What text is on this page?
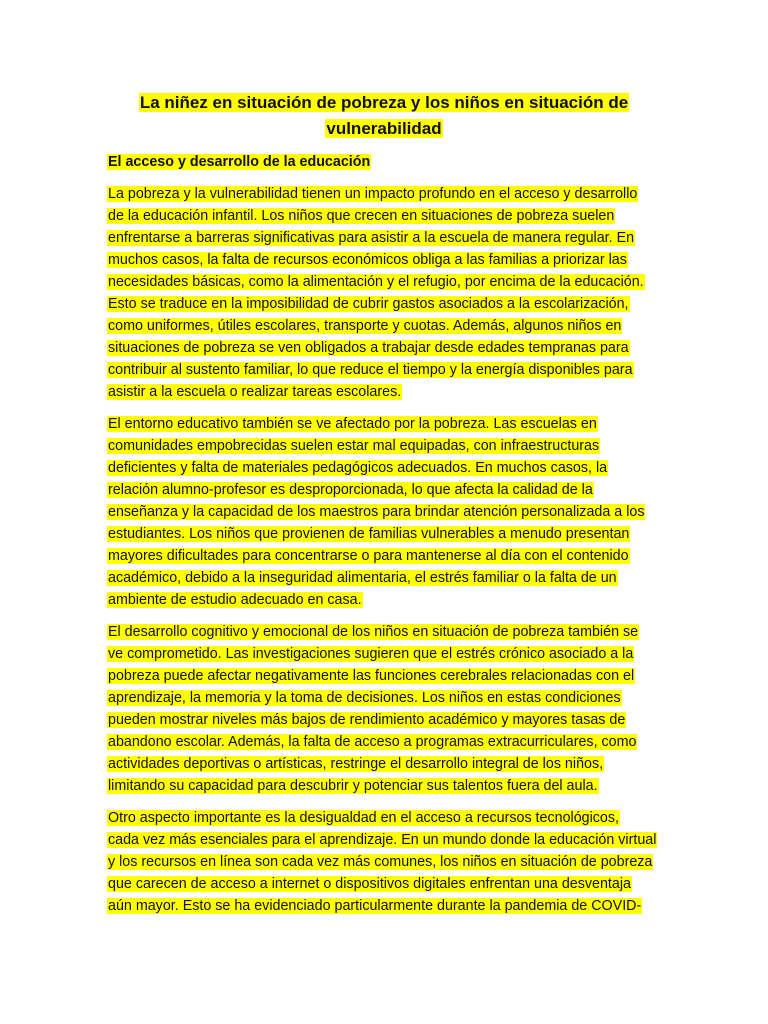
La niñez en situación de pobreza y los niños en situación de
vulnerabilidad
El acceso y desarrollo de la educación
La pobreza y la vulnerabilidad tienen un impacto profundo en el acceso y desarrollo
de la educación infantil. Los niños que crecen en situaciones de pobreza suelen
enfrentarse a barreras significativas para asistir a la escuela de manera regular. En
muchos casos, la falta de recursos económicos obliga a las familias a priorizar las
necesidades básicas, como la alimentación y el refugio, por encima de la educación.
Esto se traduce en la imposibilidad de cubrir gastos asociados a la escolarización,
como uniformes, útiles escolares, transporte y cuotas. Además, algunos niños en
situaciones de pobreza se ven obligados a trabajar desde edades tempranas para
contribuir al sustento familiar, lo que reduce el tiempo y la energía disponibles para
asistir a la escuela o realizar tareas escolares.
El entorno educativo también se ve afectado por la pobreza. Las escuelas en
comunidades empobrecidas suelen estar mal equipadas, con infraestructuras
deficientes y falta de materiales pedagógicos adecuados. En muchos casos, la
relación alumno-profesor es desproporcionada, lo que afecta la calidad de la
enseñanza y la capacidad de los maestros para brindar atención personalizada a los
estudiantes. Los niños que provienen de familias vulnerables a menudo presentan
mayores dificultades para concentrarse o para mantenerse al día con el contenido
académico, debido a la inseguridad alimentaria, el estrés familiar o la falta de un
ambiente de estudio adecuado en casa.
El desarrollo cognitivo y emocional de los niños en situación de pobreza también se
ve comprometido. Las investigaciones sugieren que el estrés crónico asociado a la
pobreza puede afectar negativamente las funciones cerebrales relacionadas con el
aprendizaje, la memoria y la toma de decisiones. Los niños en estas condiciones
pueden mostrar niveles más bajos de rendimiento académico y mayores tasas de
abandono escolar. Además, la falta de acceso a programas extracurriculares, como
actividades deportivas o artísticas, restringe el desarrollo integral de los niños,
limitando su capacidad para descubrir y potenciar sus talentos fuera del aula.
Otro aspecto importante es la desigualdad en el acceso a recursos tecnológicos,
cada vez más esenciales para el aprendizaje. En un mundo donde la educación virtual
y los recursos en línea son cada vez más comunes, los niños en situación de pobreza
que carecen de acceso a internet o dispositivos digitales enfrentan una desventaja
aún mayor. Esto se ha evidenciado particularmente durante la pandemia de COVID-
